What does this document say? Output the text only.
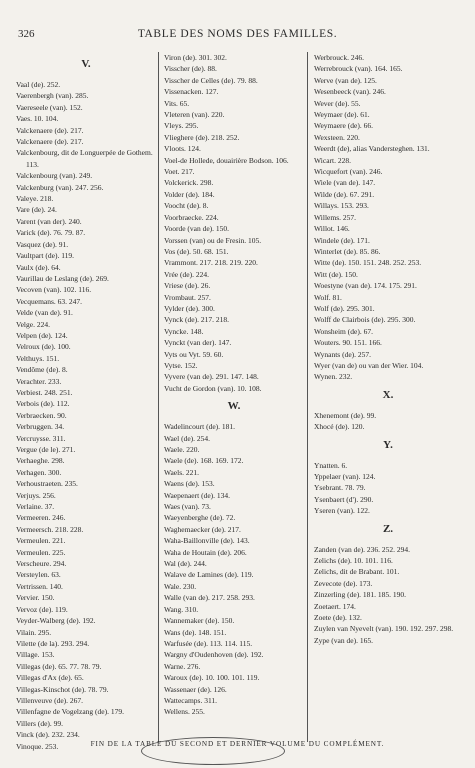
326	TABLE DES NOMS DES FAMILLES.
V.
Vaal (de). 252.
Vaerenbergh (van). 285.
Vaereseele (van). 152.
Vaes. 10. 104.
Valckenaere (de). 217.
Valckenaere (de). 217.
Valckenbourg, dit de Longuerpée de Gothem. 113.
Valckenbourg (van). 249.
Valckenburg (van). 247. 256.
Valeye. 218.
Vare (de). 24.
Varent (van der). 240.
Varick (de). 76. 79. 87.
Vasquez (de). 91.
Vaultpart (de). 119.
Vaulx (de). 64.
Vaurillau de Leslang (de). 269.
Vecoven (van). 102. 116.
Vecquemans. 63. 247.
Velde (van de). 91.
Velge. 224.
Velpen (de). 124.
Velroux (de). 100.
Velthuys. 151.
Vendôme (de). 8.
Verachter. 233.
Verbiest. 248. 251.
Verbois (de). 112.
Verbraecken. 90.
Verbruggen. 34.
Vercruysse. 311.
Vergue (de le). 271.
Verhaeghe. 298.
Verhagen. 300.
Verhoustraeten. 235.
Verjuys. 256.
Verlaine. 37.
Vermeeren. 246.
Vermeersch. 218. 228.
Vermeulen. 221.
Vermeulen. 225.
Verscheure. 294.
Versteylen. 63.
Vertrissen. 140.
Vervier. 150.
Vervoz (de). 119.
Veyder-Walberg (de). 192.
Vilain. 295.
Vilette (de la). 293. 294.
Village. 153.
Villegas (de). 65. 77. 78. 79.
Villegas d'Ax (de). 65.
Villegas-Kinschot (de). 78. 79.
Villenveuve (de). 267.
Villenfagne de Vogelzang (de). 179.
Villers (de). 99.
Vinck (de). 232. 234.
Vinoque. 253.
Viron (de). 301. 302.
Visscher (de). 88.
Visscher de Celles (de). 79. 88.
Vissenacken. 127.
Vits. 65.
Vleteren (van). 220.
Vleys. 295.
Vlieghere (de). 218. 252.
Vloots. 124.
Voel-de Hollede, douairière Bodson. 106.
Voet. 217.
Volckerick. 298.
Volder (de). 184.
Voocht (de). 8.
Voorbraecke. 224.
Voorde (van de). 150.
Vorssen (van) ou de Fresin. 105.
Vos (de). 50. 68. 151.
Vrammont. 217. 218. 219. 220.
Vrée (de). 224.
Vriese (de). 26.
Vrombaut. 257.
Vylder (de). 300.
Vynck (de). 217. 218.
Vyncke. 148.
Vynckt (van der). 147.
Vyts ou Vyt. 59. 60.
Vytse. 152.
Vyvere (van de). 291. 147. 148.
Vucht de Gordon (van). 10. 108.
W.
Wadelincourt (de). 181.
Wael (de). 254.
Waele. 220.
Waele (de). 168. 169. 172.
Waels. 221.
Waens (de). 153.
Waepenaert (de). 134.
Waes (van). 73.
Waeyenberghe (de). 72.
Waghemaecker (de). 217.
Waha-Baillonville (de). 143.
Waha de Houtain (de). 206.
Wal (de). 244.
Walave de Lamines (de). 119.
Wale. 230.
Walle (van de). 217. 258. 293.
Wang. 310.
Wannemaker (de). 150.
Wans (de). 148. 151.
Warfusée (de). 113. 114. 115.
Wargny d'Oudenhoven (de). 192.
Warne. 276.
Waroux (de). 10. 100. 101. 119.
Wassenaer (de). 126.
Wattecamps. 311.
Wellens. 255.
Werbrouck. 246.
Werrebrouck (van). 164. 165.
Werve (van de). 125.
Wesenbeeck (van). 246.
Wever (de). 55.
Weymaer (de). 61.
Weymaere (de). 66.
Wexsteen. 220.
Weerdt (de), alias Vandersteghen. 131.
Wicart. 228.
Wicquefort (van). 246.
Wiele (van de). 147.
Wilde (de). 67. 291.
Willays. 153. 293.
Willems. 257.
Willot. 146.
Windele (de). 171.
Winterlet (de). 85. 86.
Witte (de). 150. 151. 248. 252. 253.
Witt (de). 150.
Woestyne (van de). 174. 175. 291.
Wolf. 81.
Wolf (de). 295. 301.
Wolff de Clairbois (de). 295. 300.
Wonsheim (de). 67.
Wouters. 90. 151. 166.
Wynants (de). 257.
Wyer (van de) ou van der Wier. 104.
Wynen. 232.
X.
Xhenemont (de). 99.
Xhocé (de). 120.
Y.
Ynatten. 6.
Yppelaer (van). 124.
Ysebrant. 78. 79.
Ysenbaert (d'). 290.
Yseren (van). 122.
Z.
Zanden (van de). 236. 252. 294.
Zelichs (de). 10. 101. 116.
Zelichs, dit de Brabant. 101.
Zevecote (de). 173.
Zinzerling (de). 181. 185. 190.
Zoetaert. 174.
Zoete (de). 132.
Zuylen van Nyevelt (van). 190. 192. 297. 298.
Zype (van de). 165.
FIN DE LA TABLE DU SECOND ET DERNIER VOLUME DU COMPLÉMENT.
